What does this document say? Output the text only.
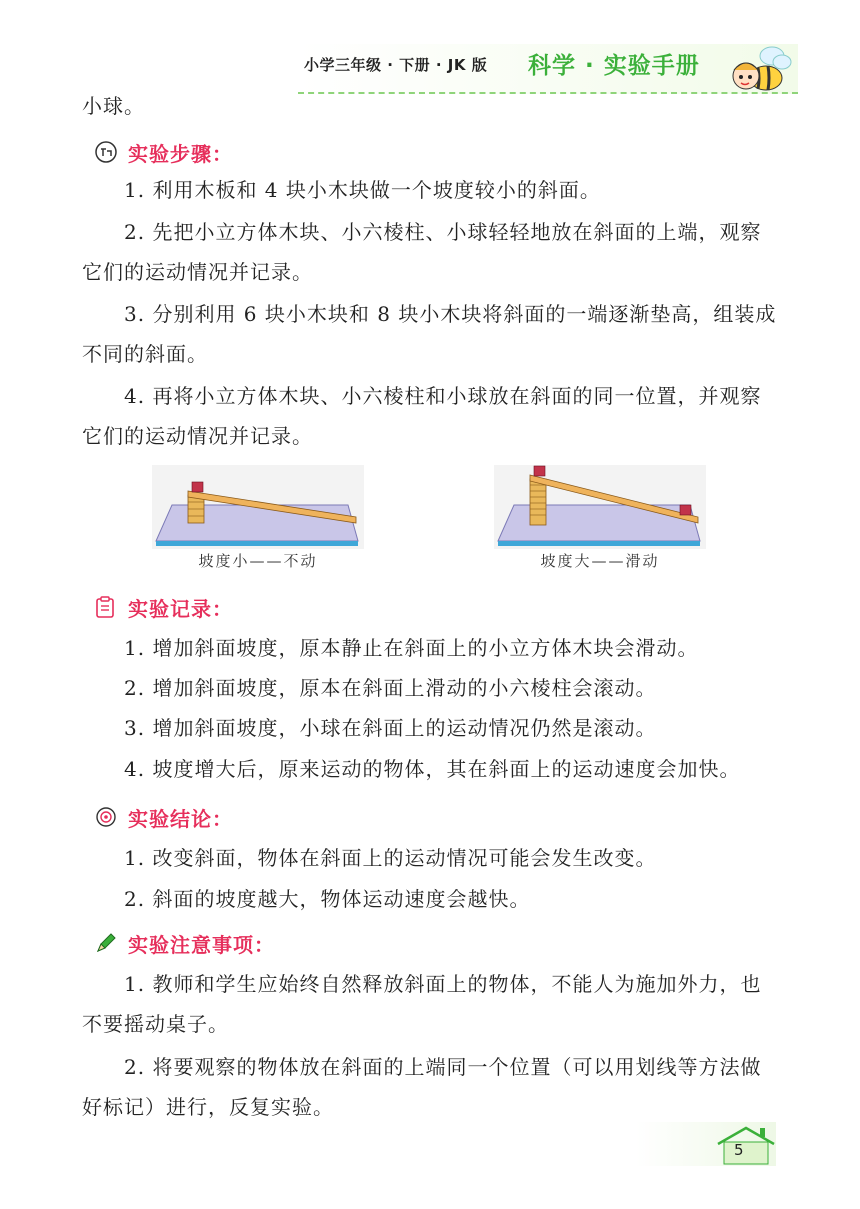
小学三年级 · 下册 · JK 版 科学 · 实验手册
小球。
实验步骤：
1. 利用木板和 4 块小木块做一个坡度较小的斜面。
2. 先把小立方体木块、小六棱柱、小球轻轻地放在斜面的上端，观察它们的运动情况并记录。
3. 分别利用 6 块小木块和 8 块小木块将斜面的一端逐渐垫高，组装成不同的斜面。
4. 再将小立方体木块、小六棱柱和小球放在斜面的同一位置，并观察它们的运动情况并记录。
坡度小——不动	坡度大——滑动
实验记录：
1. 增加斜面坡度，原本静止在斜面上的小立方体木块会滑动。
2. 增加斜面坡度，原本在斜面上滑动的小六棱柱会滚动。
3. 增加斜面坡度，小球在斜面上的运动情况仍然是滚动。
4. 坡度增大后，原来运动的物体，其在斜面上的运动速度会加快。
实验结论：
1. 改变斜面，物体在斜面上的运动情况可能会发生改变。
2. 斜面的坡度越大，物体运动速度会越快。
实验注意事项：
1. 教师和学生应始终自然释放斜面上的物体，不能人为施加外力，也不要摇动桌子。
2. 将要观察的物体放在斜面的上端同一个位置（可以用划线等方法做好标记）进行，反复实验。
5
